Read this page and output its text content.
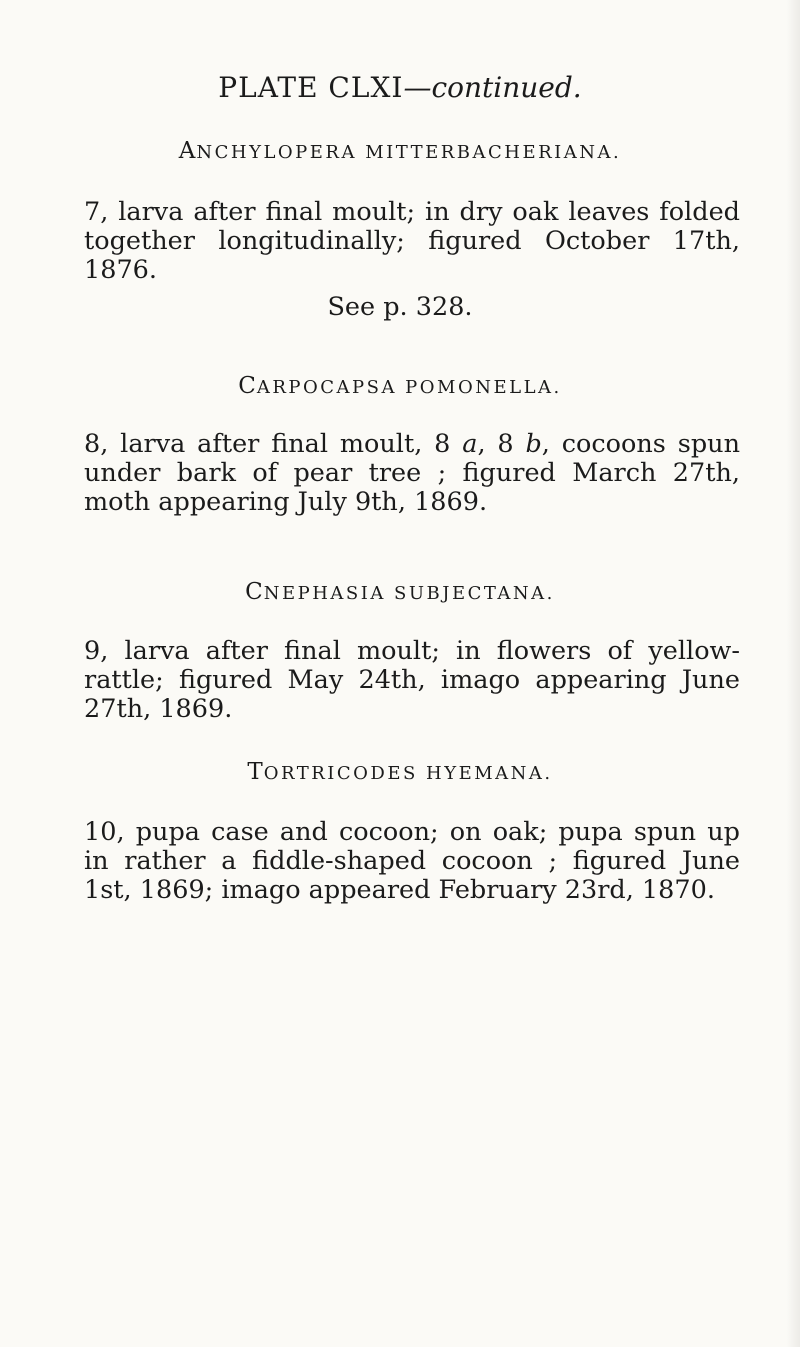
PLATE CLXI—continued.
ANCHYLOPERA MITTERBACHERIANA.
7, larva after final moult; in dry oak leaves folded together longitudinally; figured October 17th, 1876.
See p. 328.
CARPOCAPSA POMONELLA.
8, larva after final moult, 8 a, 8 b, cocoons spun under bark of pear tree ; figured March 27th, moth appearing July 9th, 1869.
CNEPHASIA SUBJECTANA.
9, larva after final moult; in flowers of yellow-rattle; figured May 24th, imago appearing June 27th, 1869.
TORTRICODES HYEMANA.
10, pupa case and cocoon; on oak; pupa spun up in rather a fiddle-shaped cocoon ; figured June 1st, 1869; imago appeared February 23rd, 1870.
